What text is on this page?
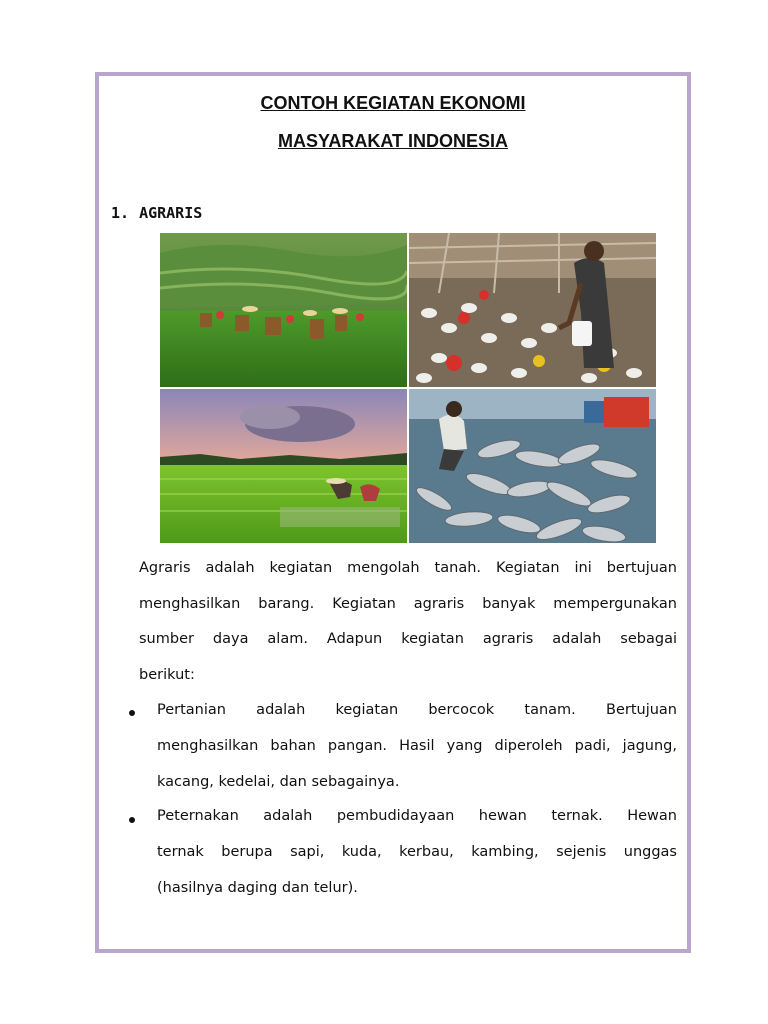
CONTOH KEGIATAN EKONOMI
MASYARAKAT INDONESIA
1. AGRARIS
Agraris adalah kegiatan mengolah tanah. Kegiatan ini bertujuan
menghasilkan barang. Kegiatan agraris banyak mempergunakan
sumber daya alam. Adapun kegiatan agraris adalah sebagai
berikut:
Pertanian adalah kegiatan bercocok tanam. Bertujuan
menghasilkan bahan pangan. Hasil yang diperoleh padi, jagung,
kacang, kedelai, dan sebagainya.
Peternakan adalah pembudidayaan hewan ternak. Hewan
ternak berupa sapi, kuda, kerbau, kambing, sejenis unggas
(hasilnya daging dan telur).
